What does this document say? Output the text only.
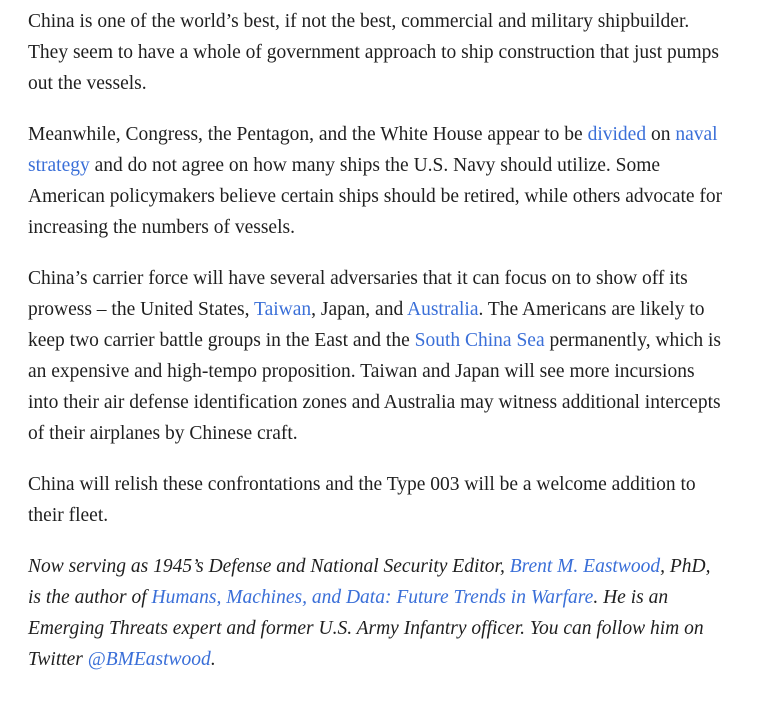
China is one of the world’s best, if not the best, commercial and military shipbuilder. They seem to have a whole of government approach to ship construction that just pumps out the vessels.

Meanwhile, Congress, the Pentagon, and the White House appear to be divided on naval strategy and do not agree on how many ships the U.S. Navy should utilize. Some American policymakers believe certain ships should be retired, while others advocate for increasing the numbers of vessels.

China’s carrier force will have several adversaries that it can focus on to show off its prowess – the United States, Taiwan, Japan, and Australia. The Americans are likely to keep two carrier battle groups in the East and the South China Sea permanently, which is an expensive and high-tempo proposition. Taiwan and Japan will see more incursions into their air defense identification zones and Australia may witness additional intercepts of their airplanes by Chinese craft.

China will relish these confrontations and the Type 003 will be a welcome addition to their fleet.

Now serving as 1945’s Defense and National Security Editor, Brent M. Eastwood, PhD, is the author of Humans, Machines, and Data: Future Trends in Warfare. He is an Emerging Threats expert and former U.S. Army Infantry officer. You can follow him on Twitter @BMEastwood.
